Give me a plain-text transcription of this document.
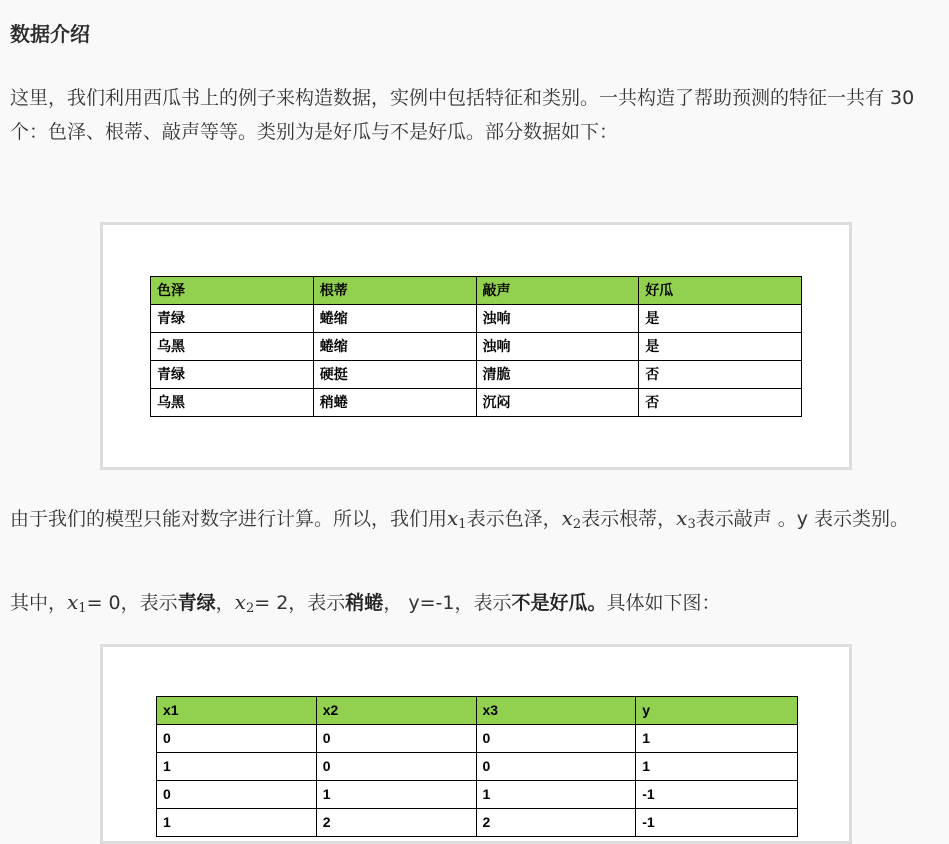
数据介绍

这里，我们利用西瓜书上的例子来构造数据，实例中包括特征和类别。一共构造了帮助预测的特征一共有 30 个：色泽、根蒂、敲声等等。类别为是好瓜与不是好瓜。部分数据如下：

色泽	根蒂	敲声	好瓜
青绿	蜷缩	浊响	是
乌黑	蜷缩	浊响	是
青绿	硬挺	清脆	否
乌黑	稍蜷	沉闷	否

由于我们的模型只能对数字进行计算。所以，我们用$x_1$表示色泽，$x_2$表示根蒂，$x_3$表示敲声 。y 表示类别。

其中，$x_1= 0$，表示青绿，$x_2= 2$，表示稍蜷， y=-1，表示不是好瓜。具体如下图：

x1	x2	x3	y
0	0	0	1
1	0	0	1
0	1	1	-1
1	2	2	-1
